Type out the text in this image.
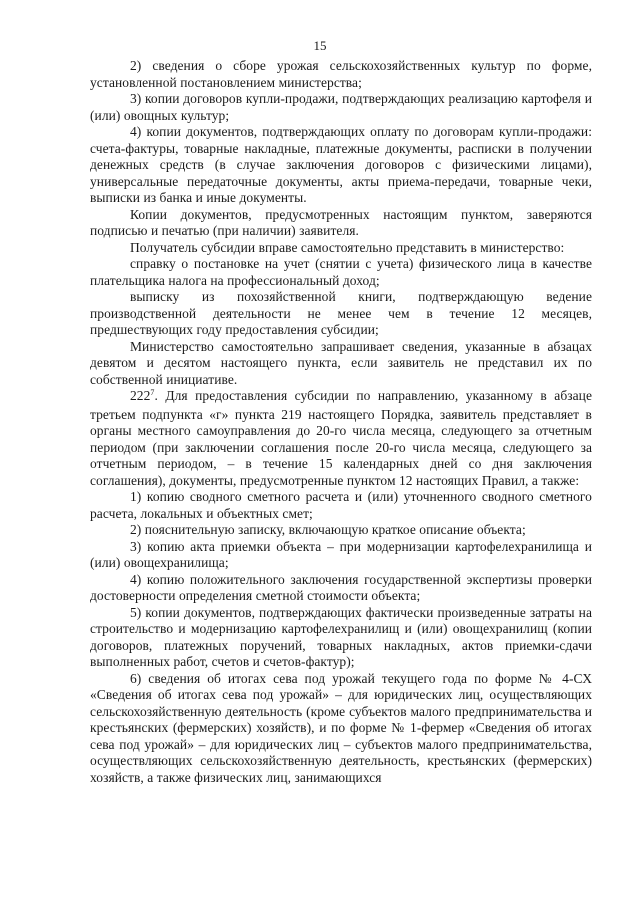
15

2) сведения о сборе урожая сельскохозяйственных культур по форме, установленной постановлением министерства;

3) копии договоров купли-продажи, подтверждающих реализацию картофеля и (или) овощных культур;

4) копии документов, подтверждающих оплату по договорам купли-продажи: счета-фактуры, товарные накладные, платежные документы, расписки в получении денежных средств (в случае заключения договоров с физическими лицами), универсальные передаточные документы, акты приема-передачи, товарные чеки, выписки из банка и иные документы.

Копии документов, предусмотренных настоящим пунктом, заверяются подписью и печатью (при наличии) заявителя.

Получатель субсидии вправе самостоятельно представить в министерство:

справку о постановке на учет (снятии с учета) физического лица в качестве плательщика налога на профессиональный доход;

выписку из похозяйственной книги, подтверждающую ведение производственной деятельности не менее чем в течение 12 месяцев, предшествующих году предоставления субсидии;

Министерство самостоятельно запрашивает сведения, указанные в абзацах девятом и десятом настоящего пункта, если заявитель не представил их по собственной инициативе.

$222^7$. Для предоставления субсидии по направлению, указанному в абзаце третьем подпункта «г» пункта 219 настоящего Порядка, заявитель представляет в органы местного самоуправления до 20-го числа месяца, следующего за отчетным периодом (при заключении соглашения после 20-го числа месяца, следующего за отчетным периодом, – в течение 15 календарных дней со дня заключения соглашения), документы, предусмотренные пунктом 12 настоящих Правил, а также:

1) копию сводного сметного расчета и (или) уточненного сводного сметного расчета, локальных и объектных смет;

2) пояснительную записку, включающую краткое описание объекта;

3) копию акта приемки объекта – при модернизации картофелехранилища и (или) овощехранилища;

4) копию положительного заключения государственной экспертизы проверки достоверности определения сметной стоимости объекта;

5) копии документов, подтверждающих фактически произведенные затраты на строительство и модернизацию картофелехранилищ и (или) овощехранилищ (копии договоров, платежных поручений, товарных накладных, актов приемки-сдачи выполненных работ, счетов и счетов-фактур);

6) сведения об итогах сева под урожай текущего года по форме № 4-СХ «Сведения об итогах сева под урожай» – для юридических лиц, осуществляющих сельскохозяйственную деятельность (кроме субъектов малого предпринимательства и крестьянских (фермерских) хозяйств), и по форме № 1-фермер «Сведения об итогах сева под урожай» – для юридических лиц – субъектов малого предпринимательства, осуществляющих сельскохозяйственную деятельность, крестьянских (фермерских) хозяйств, а также физических лиц, занимающихся
